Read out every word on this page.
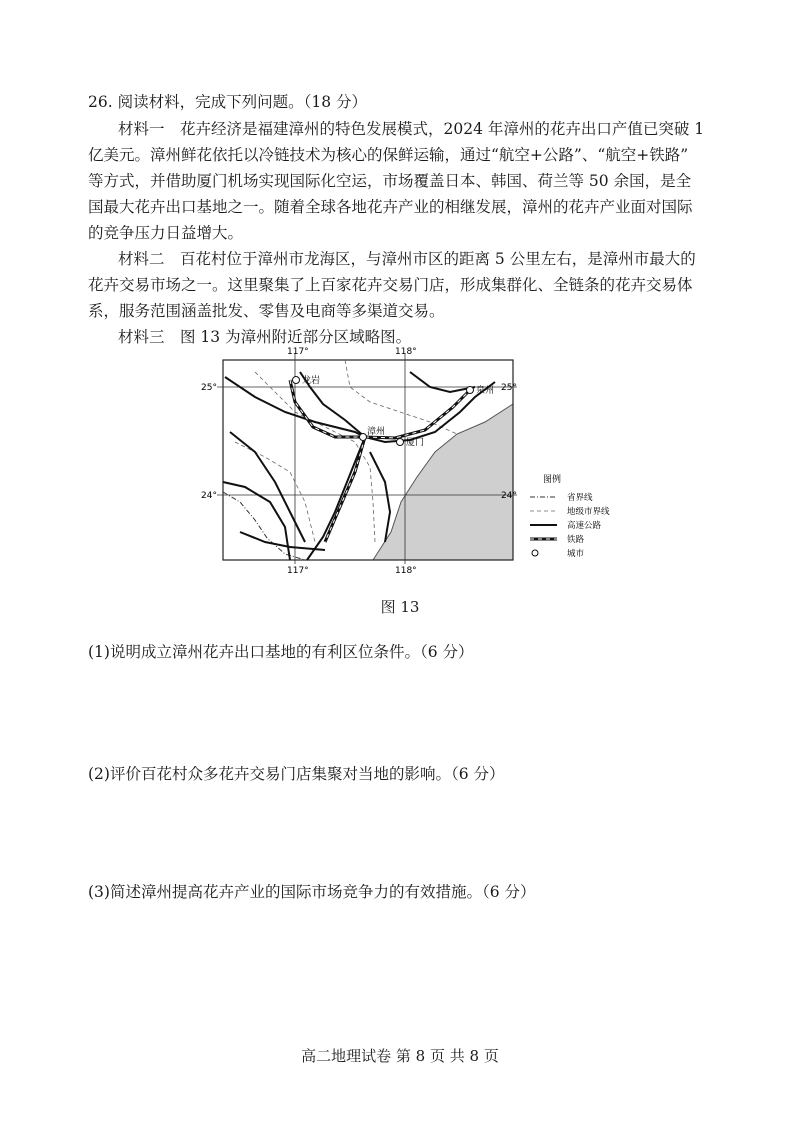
26. 阅读材料，完成下列问题。（18 分）
材料一　花卉经济是福建漳州的特色发展模式，2024 年漳州的花卉出口产值已突破 1
亿美元。漳州鲜花依托以冷链技术为核心的保鲜运输，通过“航空+公路”、“航空+铁路”
等方式，并借助厦门机场实现国际化空运，市场覆盖日本、韩国、荷兰等 50 余国，是全
国最大花卉出口基地之一。随着全球各地花卉产业的相继发展，漳州的花卉产业面对国际
的竞争压力日益增大。
材料二　百花村位于漳州市龙海区，与漳州市区的距离 5 公里左右，是漳州市最大的
花卉交易市场之一。这里聚集了上百家花卉交易门店，形成集群化、全链条的花卉交易体
系，服务范围涵盖批发、零售及电商等多渠道交易。
材料三　图 13 为漳州附近部分区域略图。
117°	118°
117°	118°
25°	25°
24°	24°
龙岩
漳州
厦门
泉州
图例
省界线
地级市界线
高速公路
铁路
城市
图 13
(1)说明成立漳州花卉出口基地的有利区位条件。（6 分）
(2)评价百花村众多花卉交易门店集聚对当地的影响。（6 分）
(3)简述漳州提高花卉产业的国际市场竞争力的有效措施。（6 分）
高二地理试卷 第 8 页 共 8 页
